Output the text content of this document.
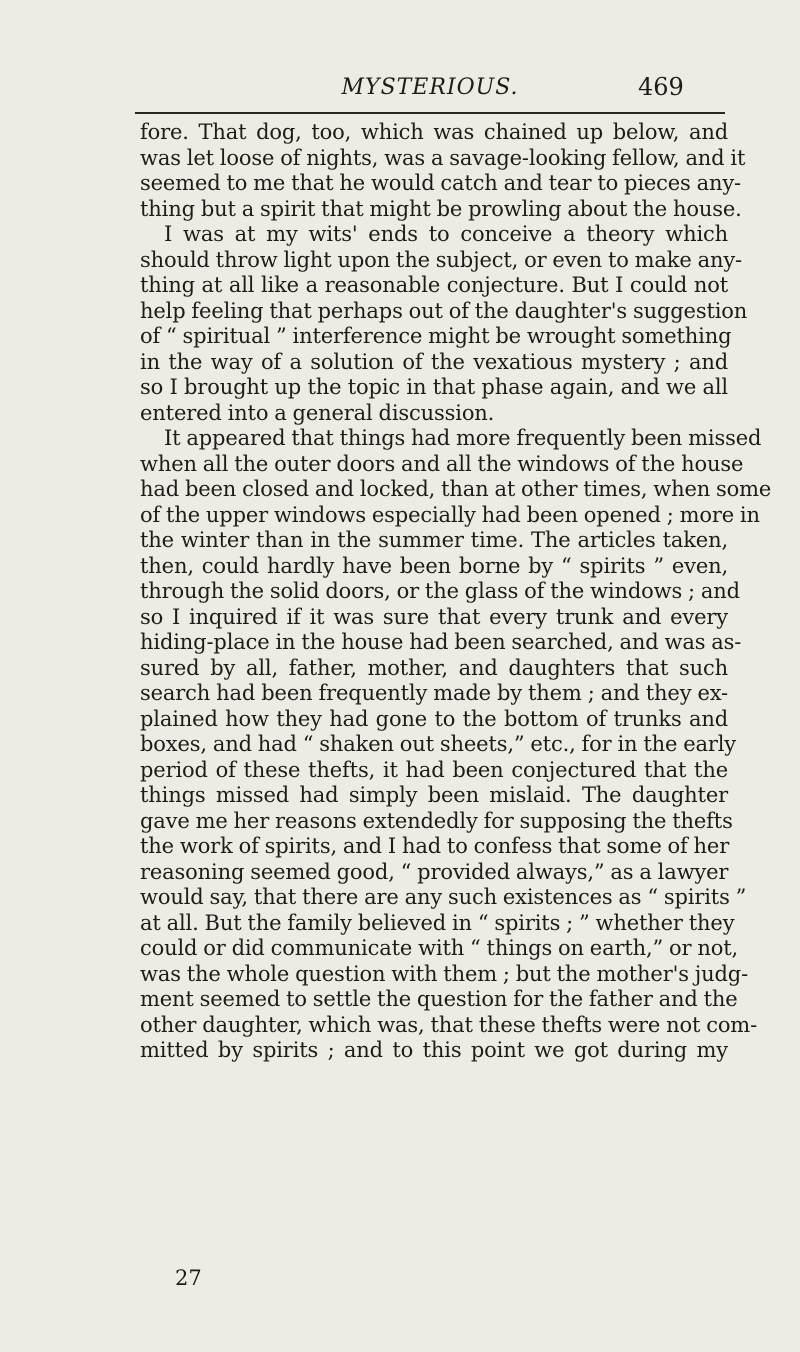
MYSTERIOUS.	469
fore. That dog, too, which was chained up below, and
was let loose of nights, was a savage-looking fellow, and it
seemed to me that he would catch and tear to pieces any-
thing but a spirit that might be prowling about the house.
I was at my wits' ends to conceive a theory which
should throw light upon the subject, or even to make any-
thing at all like a reasonable conjecture. But I could not
help feeling that perhaps out of the daughter's suggestion
of “ spiritual ” interference might be wrought something
in the way of a solution of the vexatious mystery ; and
so I brought up the topic in that phase again, and we all
entered into a general discussion.
It appeared that things had more frequently been missed
when all the outer doors and all the windows of the house
had been closed and locked, than at other times, when some
of the upper windows especially had been opened ; more in
the winter than in the summer time. The articles taken,
then, could hardly have been borne by “ spirits ” even,
through the solid doors, or the glass of the windows ; and
so I inquired if it was sure that every trunk and every
hiding-place in the house had been searched, and was as-
sured by all, father, mother, and daughters that such
search had been frequently made by them ; and they ex-
plained how they had gone to the bottom of trunks and
boxes, and had “ shaken out sheets,” etc., for in the early
period of these thefts, it had been conjectured that the
things missed had simply been mislaid. The daughter
gave me her reasons extendedly for supposing the thefts
the work of spirits, and I had to confess that some of her
reasoning seemed good, “ provided always,” as a lawyer
would say, that there are any such existences as “ spirits ”
at all. But the family believed in “ spirits ; ” whether they
could or did communicate with “ things on earth,” or not,
was the whole question with them ; but the mother's judg-
ment seemed to settle the question for the father and the
other daughter, which was, that these thefts were not com-
mitted by spirits ; and to this point we got during my
27
